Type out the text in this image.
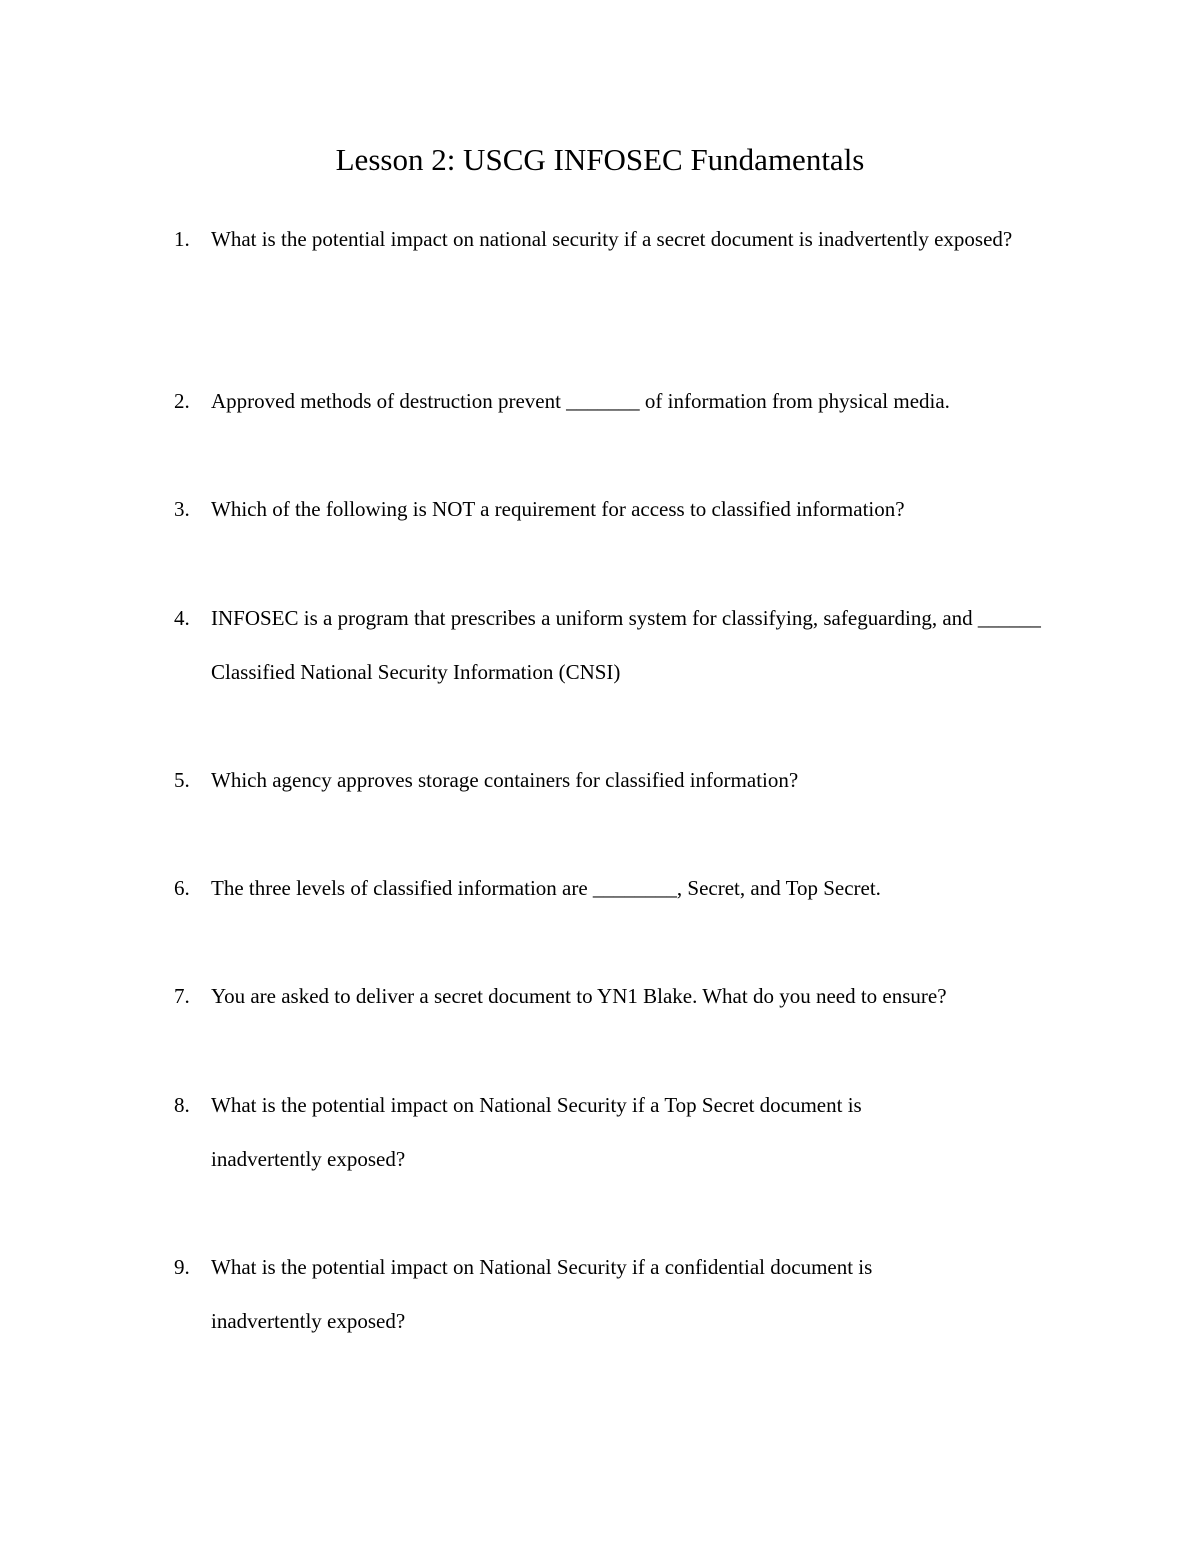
Lesson 2: USCG INFOSEC Fundamentals
1. What is the potential impact on national security if a secret document is inadvertently exposed?
2. Approved methods of destruction prevent _______ of information from physical media.
3. Which of the following is NOT a requirement for access to classified information?
4. INFOSEC is a program that prescribes a uniform system for classifying, safeguarding, and ______ Classified National Security Information (CNSI)
5. Which agency approves storage containers for classified information?
6. The three levels of classified information are ________, Secret, and Top Secret.
7. You are asked to deliver a secret document to YN1 Blake. What do you need to ensure?
8. What is the potential impact on National Security if a Top Secret document is inadvertently exposed?
9. What is the potential impact on National Security if a confidential document is inadvertently exposed?
